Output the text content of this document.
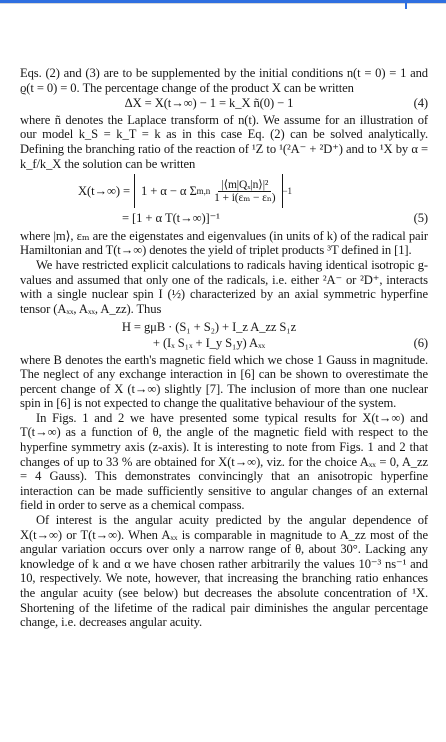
Eqs. (2) and (3) are to be supplemented by the initial conditions n(t = 0) = 1 and ϱ(t = 0) = 0. The percentage change of the product X can be written

ΔX = X(t→∞) − 1 = k_X ñ(0) − 1	(4)

where ñ denotes the Laplace transform of n(t). We assume for an illustration of our model k_S = k_T = k as in this case Eq. (2) can be solved analytically. Defining the branching ratio of the reaction of ¹Z to ¹(²A⁻ + ²D⁺) and to ¹X by α = k_f/k_X the solution can be written

X(t→∞) = 1 + α − α Σ $m,n \frac{\text{|⟨m|Qₓ|n⟩|²}}{\text{1 + i(εₘ − εₙ)}} -1$
= [1 + α T(t→∞)]⁻¹	(5)

where |m⟩, εₘ are the eigenstates and eigenvalues (in units of k) of the radical pair Hamiltonian and T(t→∞) denotes the yield of triplet products ³T defined in [1].

We have restricted explicit calculations to radicals having identical isotropic g-values and assumed that only one of the radicals, i.e. either ²A⁻ or ²D⁺, interacts with a single nuclear spin I (½) characterized by an axial symmetric hyperfine tensor (Aₓₓ, Aₓₓ, A_zz). Thus

H = gμB · (S₁ + S₂) + I_z A_zz S₁z
+ (Iₓ S₁ₓ + I_y S₁y) Aₓₓ	(6)

where B denotes the earth's magnetic field which we chose 1 Gauss in magnitude. The neglect of any exchange interaction in [6] can be shown to overestimate the percent change of X (t→∞) slightly [7]. The inclusion of more than one nuclear spin in [6] is not expected to change the qualitative behaviour of the system.

In Figs. 1 and 2 we have presented some typical results for X(t→∞) and T(t→∞) as a function of θ, the angle of the magnetic field with respect to the hyperfine symmetry axis (z-axis). It is interesting to note from Figs. 1 and 2 that changes of up to 33 % are obtained for X(t→∞), viz. for the choice Aₓₓ = 0, A_zz = 4 Gauss). This demonstrates convincingly that an anisotropic hyperfine interaction can be made sufficiently sensitive to angular changes of an external field in order to serve as a chemical compass.

Of interest is the angular acuity predicted by the angular dependence of X(t→∞) or T(t→∞). When Aₓₓ is comparable in magnitude to A_zz most of the angular variation occurs over only a narrow range of θ, about 30°. Lacking any knowledge of k and α we have chosen rather arbitrarily the values 10⁻³ ns⁻¹ and 10, respectively. We note, however, that increasing the branching ratio enhances the angular acuity (see below) but decreases the absolute concentration of ¹X. Shortening of the lifetime of the radical pair diminishes the angular percentage change, i.e. decreases angular acuity.
